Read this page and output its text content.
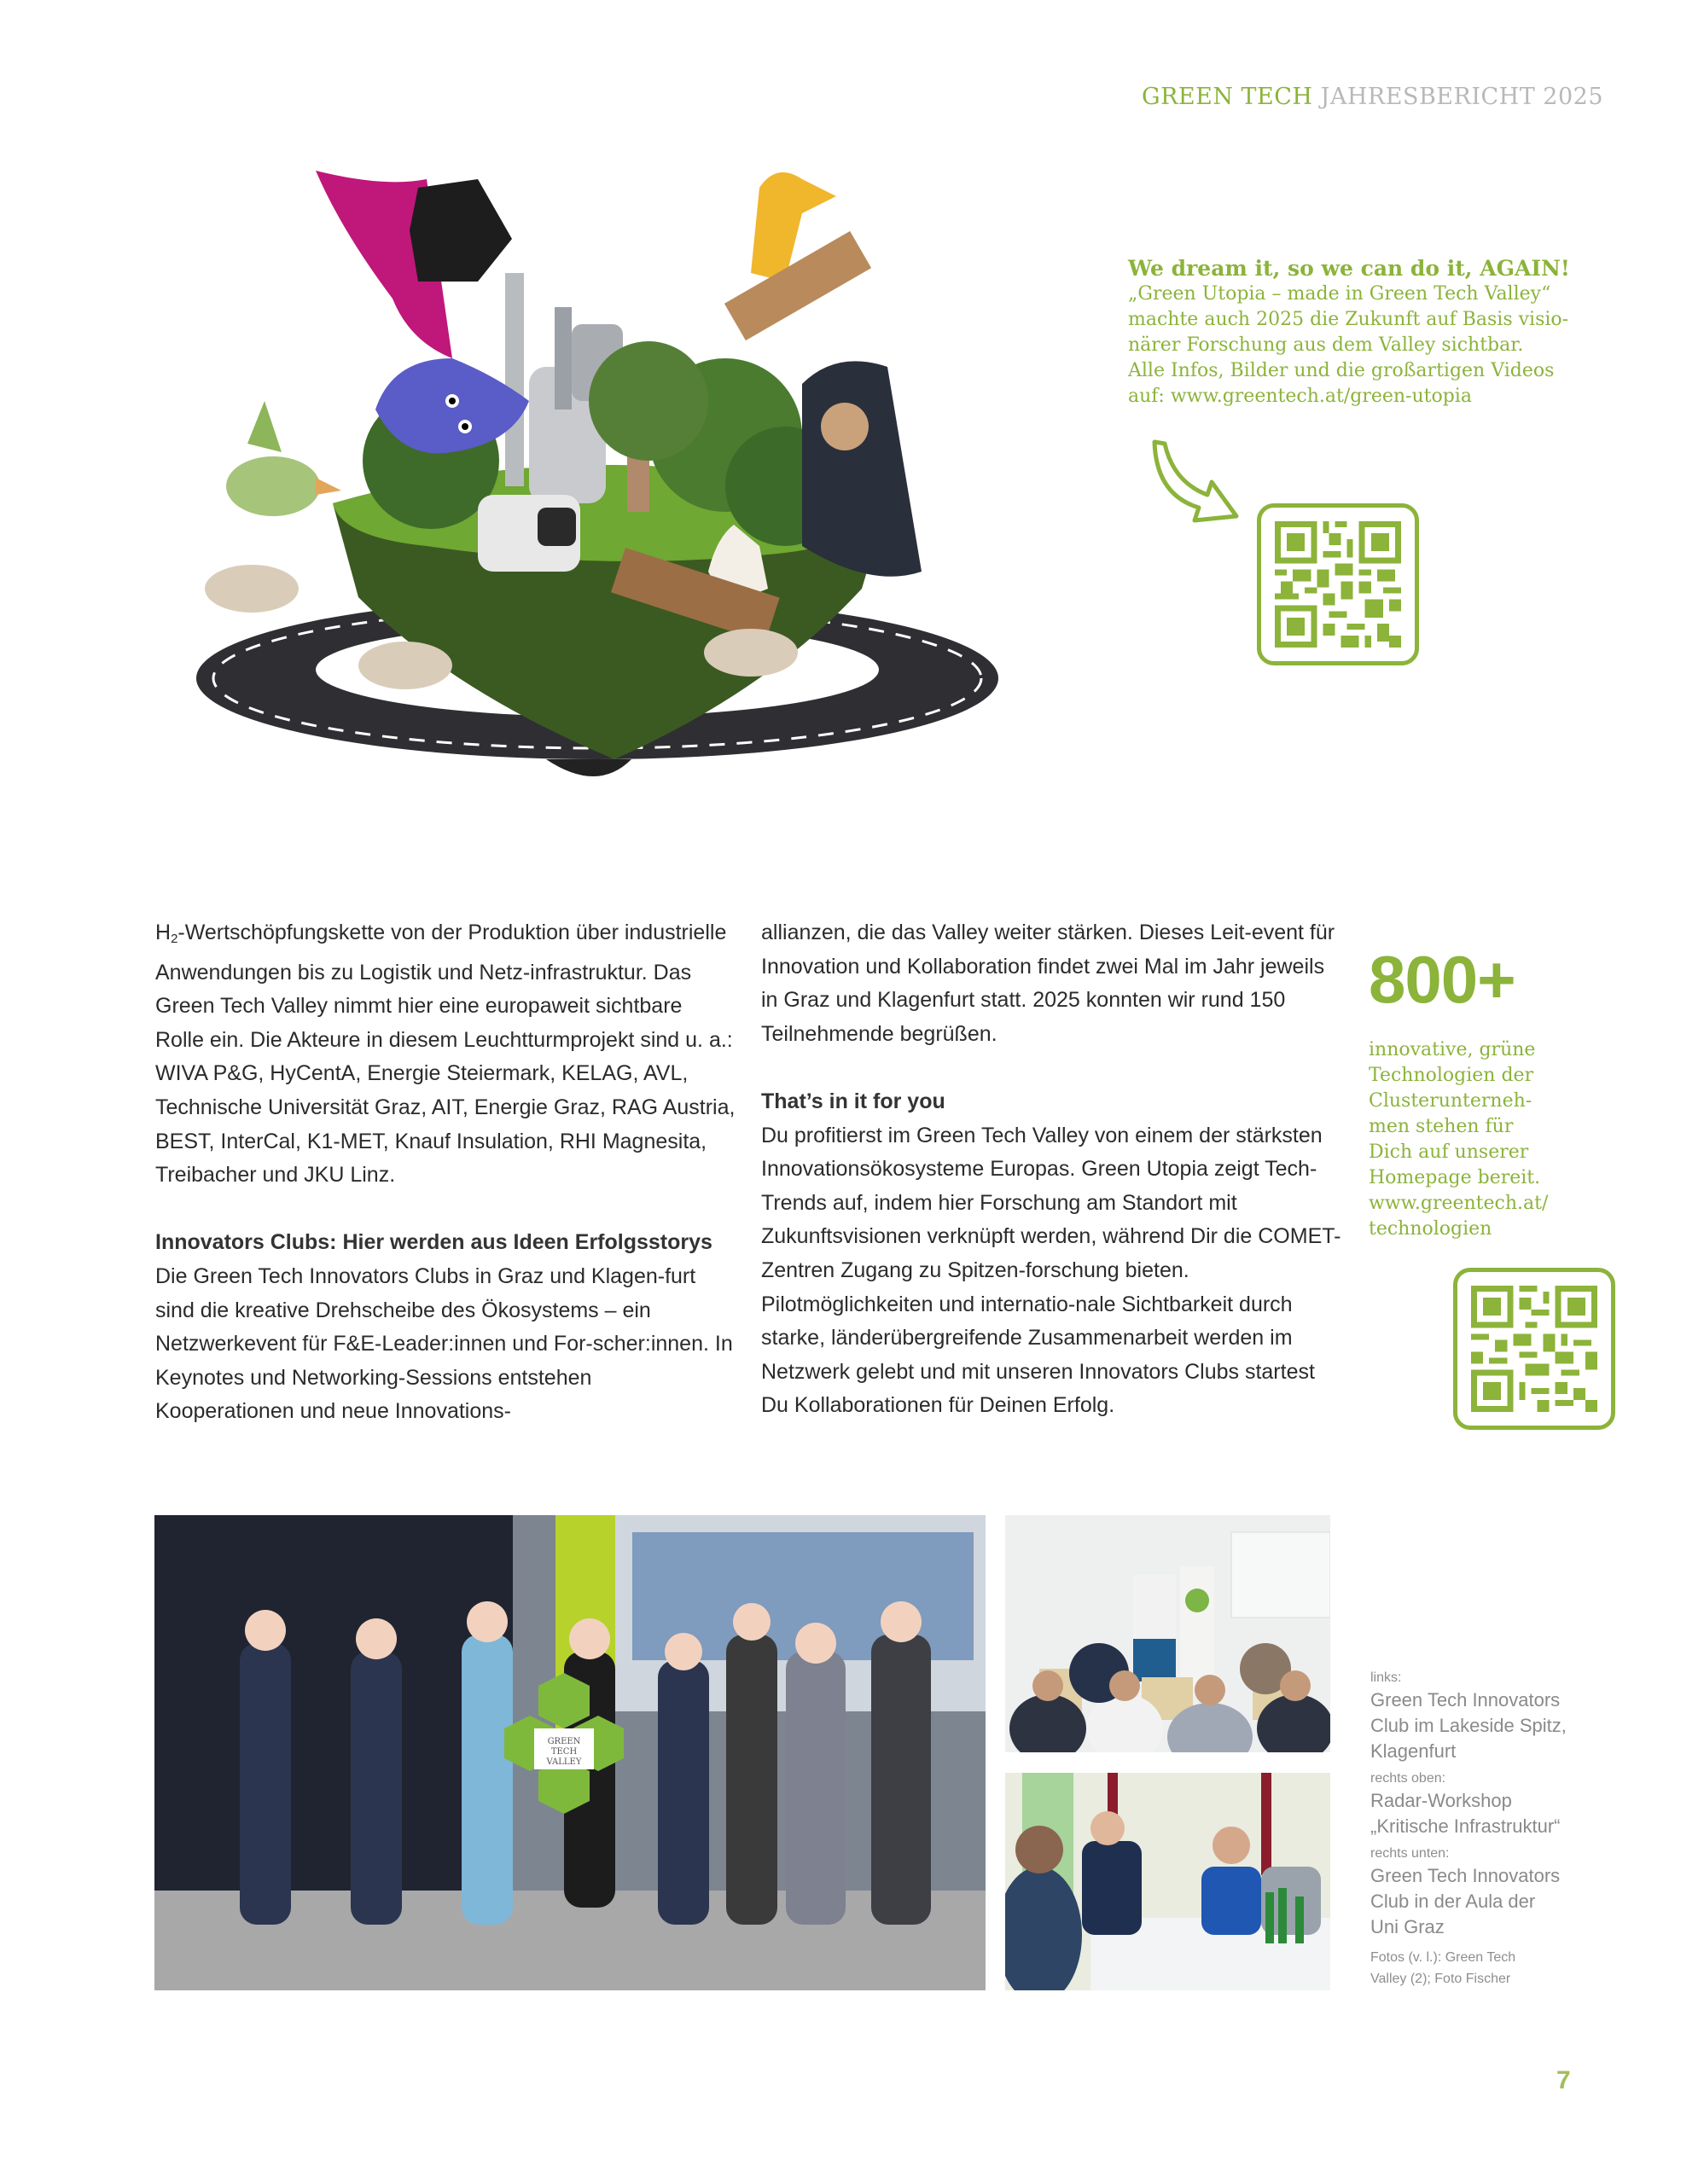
GREEN TECH JAHRESBERICHT 2025
We dream it, so we can do it, AGAIN!
„Green Utopia – made in Green Tech Valley“
machte auch 2025 die Zukunft auf Basis visio-
närer Forschung aus dem Valley sichtbar.
Alle Infos, Bilder und die großartigen Videos
auf: www.greentech.at/green-utopia

$H_2$-Wertschöpfungskette von der Produktion über industrielle Anwendungen bis zu Logistik und Netz-infrastruktur. Das Green Tech Valley nimmt hier eine europaweit sichtbare Rolle ein. Die Akteure in diesem Leuchtturmprojekt sind u. a.: WIVA P&G, HyCentA, Energie Steiermark, KELAG, AVL, Technische Universität Graz, AIT, Energie Graz, RAG Austria, BEST, InterCal, K1-MET, Knauf Insulation, RHI Magnesita, Treibacher und JKU Linz.

Innovators Clubs: Hier werden aus Ideen Erfolgsstorys
Die Green Tech Innovators Clubs in Graz und Klagen-furt sind die kreative Drehscheibe des Ökosystems – ein Netzwerkevent für F&E-Leader:innen und For-scher:innen. In Keynotes und Networking-Sessions entstehen Kooperationen und neue Innovations-

allianzen, die das Valley weiter stärken. Dieses Leit-event für Innovation und Kollaboration findet zwei Mal im Jahr jeweils in Graz und Klagenfurt statt. 2025 konnten wir rund 150 Teilnehmende begrüßen.

That’s in it for you
Du profitierst im Green Tech Valley von einem der stärksten Innovationsökosysteme Europas. Green Utopia zeigt Tech-Trends auf, indem hier Forschung am Standort mit Zukunftsvisionen verknüpft werden, während Dir die COMET-Zentren Zugang zu Spitzen-forschung bieten. Pilotmöglichkeiten und internatio-nale Sichtbarkeit durch starke, länderübergreifende Zusammenarbeit werden im Netzwerk gelebt und mit unseren Innovators Clubs startest Du Kollaborationen für Deinen Erfolg.

800+
innovative, grüne
Technologien der
Clusterunterneh-
men stehen für
Dich auf unserer
Homepage bereit.
www.greentech.at/
technologien
GREEN
TECH
VALLEY
links:
Green Tech Innovators
Club im Lakeside Spitz,
Klagenfurt
rechts oben:
Radar-Workshop
„Kritische Infrastruktur“
rechts unten:
Green Tech Innovators
Club in der Aula der
Uni Graz
Fotos (v. l.): Green Tech
Valley (2); Foto Fischer
7
